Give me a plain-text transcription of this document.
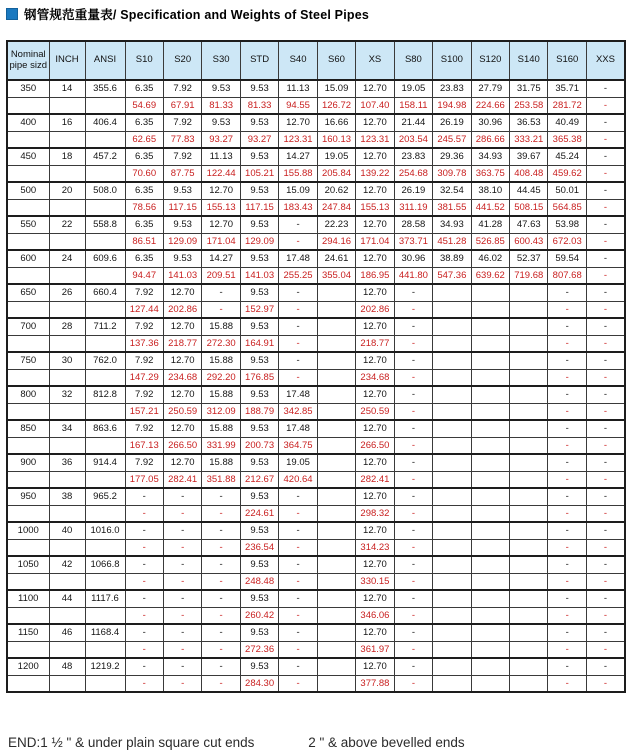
钢管规范重量表/ Specification and Weights of Steel Pipes
Nominal pipe sizd	INCH	ANSI	S10	S20	S30	STD	S40	S60	XS	S80	S100	S120	S140	S160	XXS
350	14	355.6	6.35	7.92	9.53	9.53	11.13	15.09	12.70	19.05	23.83	27.79	31.75	35.71	-
			54.69	67.91	81.33	81.33	94.55	126.72	107.40	158.11	194.98	224.66	253.58	281.72	-
400	16	406.4	6.35	7.92	9.53	9.53	12.70	16.66	12.70	21.44	26.19	30.96	36.53	40.49	-
			62.65	77.83	93.27	93.27	123.31	160.13	123.31	203.54	245.57	286.66	333.21	365.38	-
450	18	457.2	6.35	7.92	11.13	9.53	14.27	19.05	12.70	23.83	29.36	34.93	39.67	45.24	-
			70.60	87.75	122.44	105.21	155.88	205.84	139.22	254.68	309.78	363.75	408.48	459.62	-
500	20	508.0	6.35	9.53	12.70	9.53	15.09	20.62	12.70	26.19	32.54	38.10	44.45	50.01	-
			78.56	117.15	155.13	117.15	183.43	247.84	155.13	311.19	381.55	441.52	508.15	564.85	-
550	22	558.8	6.35	9.53	12.70	9.53	-	22.23	12.70	28.58	34.93	41.28	47.63	53.98	-
			86.51	129.09	171.04	129.09	-	294.16	171.04	373.71	451.28	526.85	600.43	672.03	-
600	24	609.6	6.35	9.53	14.27	9.53	17.48	24.61	12.70	30.96	38.89	46.02	52.37	59.54	-
			94.47	141.03	209.51	141.03	255.25	355.04	186.95	441.80	547.36	639.62	719.68	807.68	-
650	26	660.4	7.92	12.70	-	9.53	-		12.70	-				-	-
			127.44	202.86	-	152.97	-		202.86	-				-	-
700	28	711.2	7.92	12.70	15.88	9.53	-		12.70	-				-	-
			137.36	218.77	272.30	164.91	-		218.77	-				-	-
750	30	762.0	7.92	12.70	15.88	9.53	-		12.70	-				-	-
			147.29	234.68	292.20	176.85	-		234.68	-				-	-
800	32	812.8	7.92	12.70	15.88	9.53	17.48		12.70	-				-	-
			157.21	250.59	312.09	188.79	342.85		250.59	-				-	-
850	34	863.6	7.92	12.70	15.88	9.53	17.48		12.70	-				-	-
			167.13	266.50	331.99	200.73	364.75		266.50	-				-	-
900	36	914.4	7.92	12.70	15.88	9.53	19.05		12.70	-				-	-
			177.05	282.41	351.88	212.67	420.64		282.41	-				-	-
950	38	965.2	-	-	-	9.53	-		12.70	-				-	-
			-	-	-	224.61	-		298.32	-				-	-
1000	40	1016.0	-	-	-	9.53	-		12.70	-				-	-
			-	-	-	236.54	-		314.23	-				-	-
1050	42	1066.8	-	-	-	9.53	-		12.70	-				-	-
			-	-	-	248.48	-		330.15	-				-	-
1100	44	1117.6	-	-	-	9.53	-		12.70	-				-	-
			-	-	-	260.42	-		346.06	-				-	-
1150	46	1168.4	-	-	-	9.53	-		12.70	-				-	-
			-	-	-	272.36	-		361.97	-				-	-
1200	48	1219.2	-	-	-	9.53	-		12.70	-				-	-
			-	-	-	284.30	-		377.88	-				-	-
END:1 ½ " & under plain square cut ends	2 " & above bevelled ends
